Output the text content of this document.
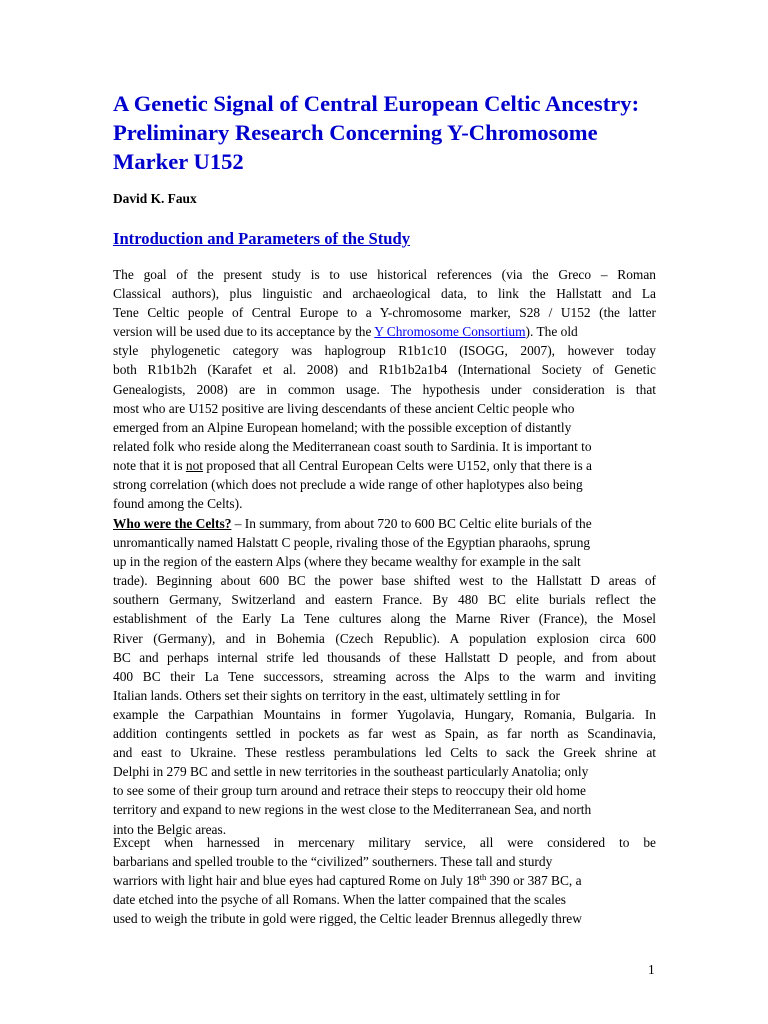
A Genetic Signal of Central European Celtic Ancestry:
Preliminary Research Concerning Y-Chromosome
Marker U152

David K. Faux

Introduction and Parameters of the Study
The goal of the present study is to use historical references (via the Greco – Roman
Classical authors), plus linguistic and archaeological data, to link the Hallstatt and La
Tene Celtic people of Central Europe to a Y-chromosome marker, S28 / U152 (the latter
version will be used due to its acceptance by the Y Chromosome Consortium). The old
style phylogenetic category was haplogroup R1b1c10 (ISOGG, 2007), however today
both R1b1b2h (Karafet et al. 2008) and R1b1b2a1b4 (International Society of Genetic
Genealogists, 2008) are in common usage. The hypothesis under consideration is that
most who are U152 positive are living descendants of these ancient Celtic people who
emerged from an Alpine European homeland; with the possible exception of distantly
related folk who reside along the Mediterranean coast south to Sardinia. It is important to
note that it is not proposed that all Central European Celts were U152, only that there is a
strong correlation (which does not preclude a wide range of other haplotypes also being
found among the Celts).
Who were the Celts? – In summary, from about 720 to 600 BC Celtic elite burials of the
unromantically named Halstatt C people, rivaling those of the Egyptian pharaohs, sprung
up in the region of the eastern Alps (where they became wealthy for example in the salt
trade). Beginning about 600 BC the power base shifted west to the Hallstatt D areas of
southern Germany, Switzerland and eastern France. By 480 BC elite burials reflect the
establishment of the Early La Tene cultures along the Marne River (France), the Mosel
River (Germany), and in Bohemia (Czech Republic). A population explosion circa 600
BC and perhaps internal strife led thousands of these Hallstatt D people, and from about
400 BC their La Tene successors, streaming across the Alps to the warm and inviting
Italian lands. Others set their sights on territory in the east, ultimately settling in for
example the Carpathian Mountains in former Yugolavia, Hungary, Romania, Bulgaria. In
addition contingents settled in pockets as far west as Spain, as far north as Scandinavia,
and east to Ukraine. These restless perambulations led Celts to sack the Greek shrine at
Delphi in 279 BC and settle in new territories in the southeast particularly Anatolia; only
to see some of their group turn around and retrace their steps to reoccupy their old home
territory and expand to new regions in the west close to the Mediterranean Sea, and north
into the Belgic areas.
Except when harnessed in mercenary military service, all were considered to be
barbarians and spelled trouble to the “civilized” southerners. These tall and sturdy
warriors with light hair and blue eyes had captured Rome on July 18th 390 or 387 BC, a
date etched into the psyche of all Romans. When the latter compained that the scales
used to weigh the tribute in gold were rigged, the Celtic leader Brennus allegedly threw
1
